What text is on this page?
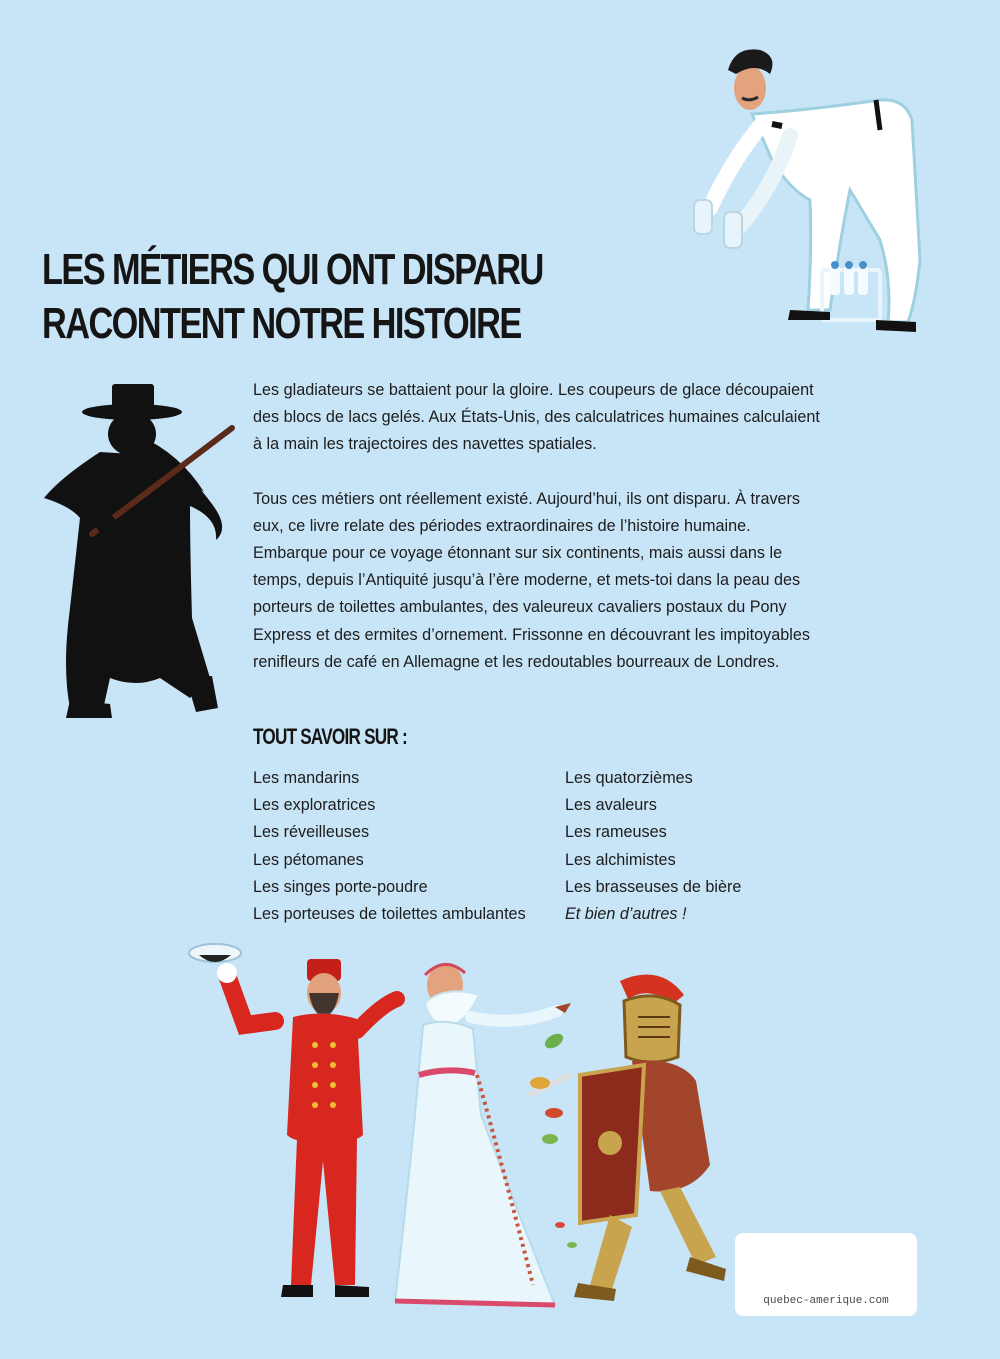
LES MÉTIERS QUI ONT DISPARU
RACONTENT NOTRE HISTOIRE

Les gladiateurs se battaient pour la gloire. Les coupeurs de glace découpaient des blocs de lacs gelés. Aux États-Unis, des calculatrices humaines calculaient à la main les trajectoires des navettes spatiales.

Tous ces métiers ont réellement existé. Aujourd’hui, ils ont disparu. À travers eux, ce livre relate des périodes extraordinaires de l’histoire humaine. Embarque pour ce voyage étonnant sur six continents, mais aussi dans le temps, depuis l’Antiquité jusqu’à l’ère moderne, et mets-toi dans la peau des porteurs de toilettes ambulantes, des valeureux cavaliers postaux du Pony Express et des ermites d’ornement. Frissonne en découvrant les impitoyables renifleurs de café en Allemagne et les redoutables bourreaux de Londres.

TOUT SAVOIR SUR :
Les mandarins
Les exploratrices
Les réveilleuses
Les pétomanes
Les singes porte-poudre
Les porteuses de toilettes ambulantes
Les quatorzièmes
Les avaleurs
Les rameuses
Les alchimistes
Les brasseuses de bière
Et bien d’autres !
quebec-amerique.com
